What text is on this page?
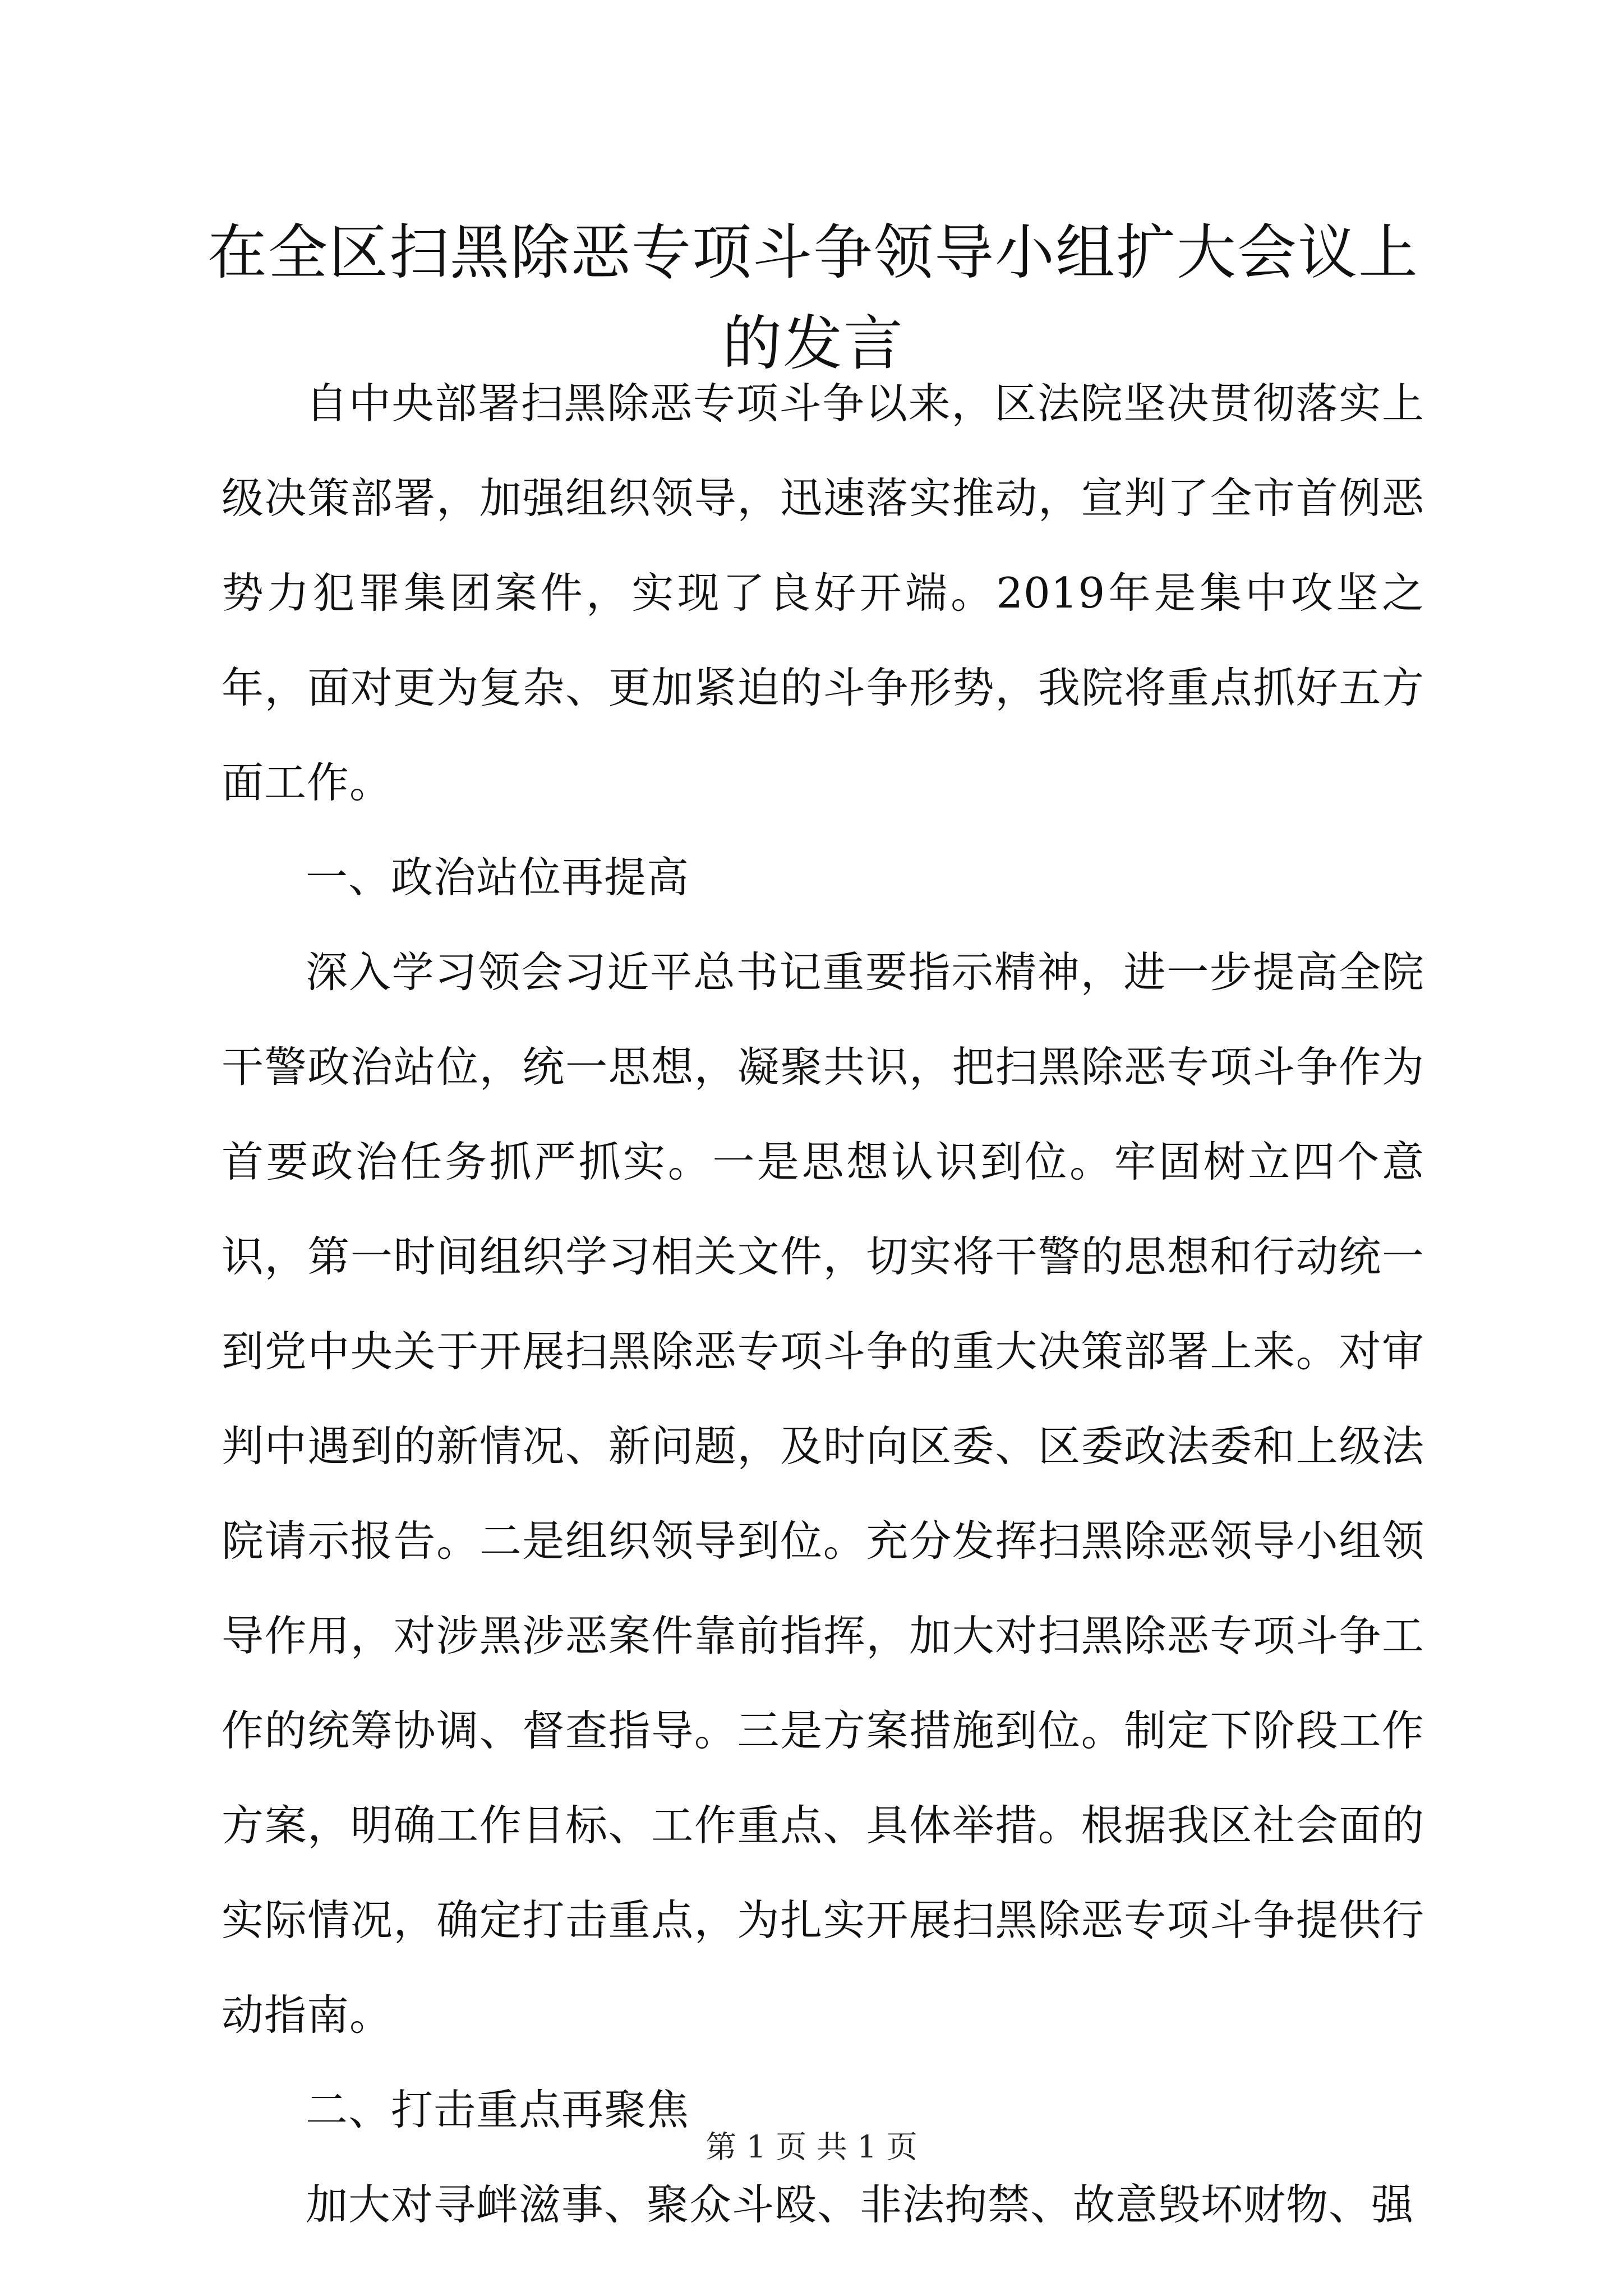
在全区扫黑除恶专项斗争领导小组扩大会议上的发言

自中央部署扫黑除恶专项斗争以来，区法院坚决贯彻落实上级决策部署，加强组织领导，迅速落实推动，宣判了全市首例恶势力犯罪集团案件，实现了良好开端。2019年是集中攻坚之年，面对更为复杂、更加紧迫的斗争形势，我院将重点抓好五方面工作。

一、政治站位再提高

深入学习领会习近平总书记重要指示精神，进一步提高全院干警政治站位，统一思想，凝聚共识，把扫黑除恶专项斗争作为首要政治任务抓严抓实。一是思想认识到位。牢固树立四个意识，第一时间组织学习相关文件，切实将干警的思想和行动统一到党中央关于开展扫黑除恶专项斗争的重大决策部署上来。对审判中遇到的新情况、新问题，及时向区委、区委政法委和上级法院请示报告。二是组织领导到位。充分发挥扫黑除恶领导小组领导作用，对涉黑涉恶案件靠前指挥，加大对扫黑除恶专项斗争工作的统筹协调、督查指导。三是方案措施到位。制定下阶段工作方案，明确工作目标、工作重点、具体举措。根据我区社会面的实际情况，确定打击重点，为扎实开展扫黑除恶专项斗争提供行动指南。

二、打击重点再聚焦

加大对寻衅滋事、聚众斗殴、非法拘禁、故意毁坏财物、强

第 1 页 共 1 页
